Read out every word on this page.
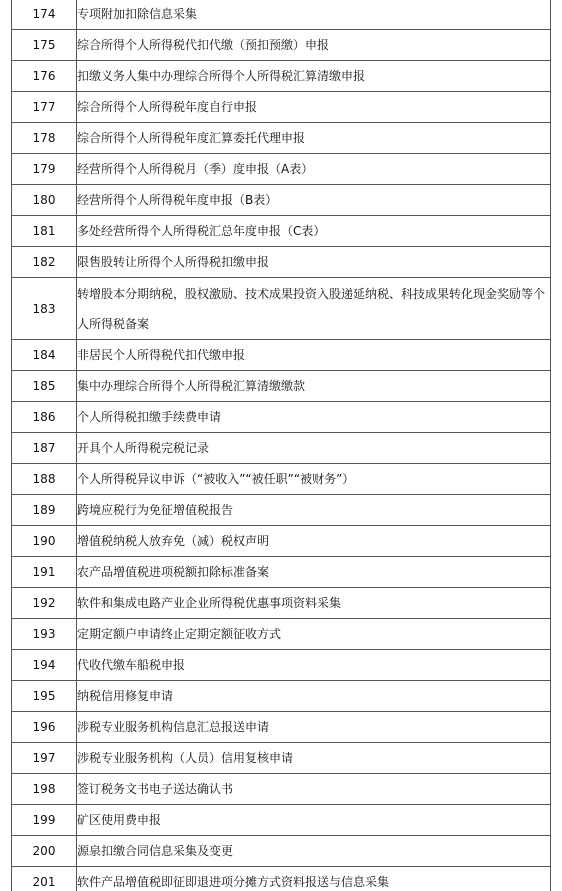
174	专项附加扣除信息采集
175	综合所得个人所得税代扣代缴（预扣预缴）申报
176	扣缴义务人集中办理综合所得个人所得税汇算清缴申报
177	综合所得个人所得税年度自行申报
178	综合所得个人所得税年度汇算委托代理申报
179	经营所得个人所得税月（季）度申报（A表）
180	经营所得个人所得税年度申报（B表）
181	多处经营所得个人所得税汇总年度申报（C表）
182	限售股转让所得个人所得税扣缴申报
183	转增股本分期纳税，股权激励、技术成果投资入股递延纳税、科技成果转化现金奖励等个人所得税备案
184	非居民个人所得税代扣代缴申报
185	集中办理综合所得个人所得税汇算清缴缴款
186	个人所得税扣缴手续费申请
187	开具个人所得税完税记录
188	个人所得税异议申诉（“被收入”“被任职”“被财务”）
189	跨境应税行为免征增值税报告
190	增值税纳税人放弃免（减）税权声明
191	农产品增值税进项税额扣除标准备案
192	软件和集成电路产业企业所得税优惠事项资料采集
193	定期定额户申请终止定期定额征收方式
194	代收代缴车船税申报
195	纳税信用修复申请
196	涉税专业服务机构信息汇总报送申请
197	涉税专业服务机构（人员）信用复核申请
198	签订税务文书电子送达确认书
199	矿区使用费申报
200	源泉扣缴合同信息采集及变更
201	软件产品增值税即征即退进项分摊方式资料报送与信息采集
